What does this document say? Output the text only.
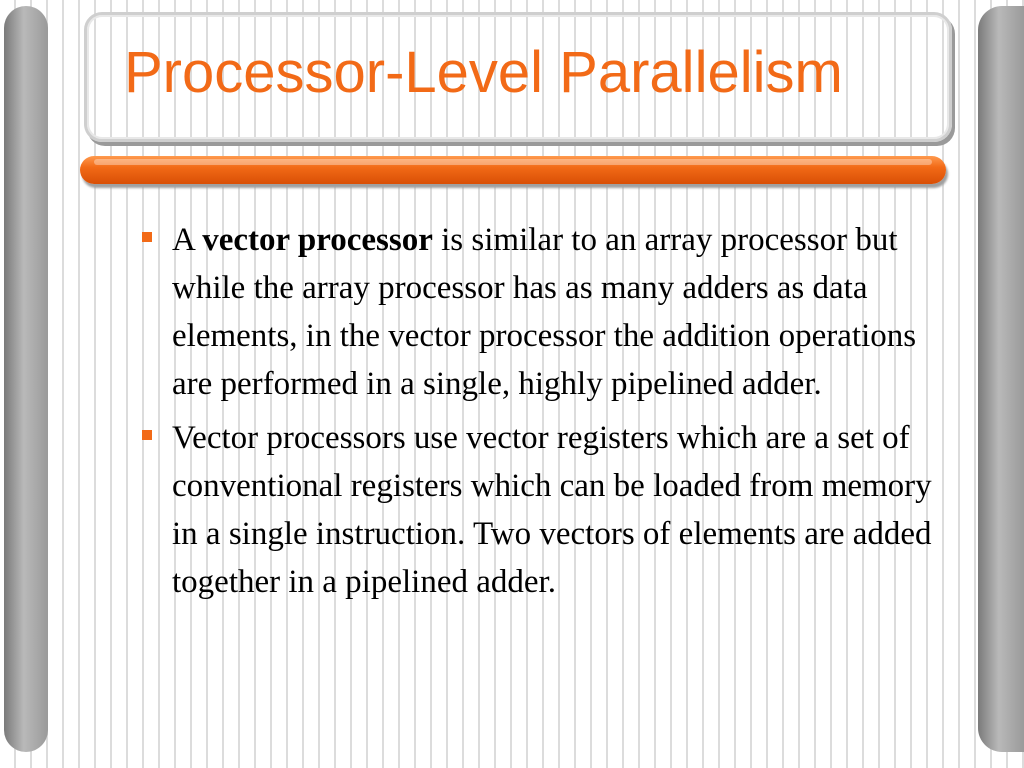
Processor-Level Parallelism
A vector processor is similar to an array processor but while the array processor has as many adders as data elements, in the vector processor the addition operations are performed in a single, highly pipelined adder.
Vector processors use vector registers which are a set of conventional registers which can be loaded from memory in a single instruction. Two vectors of elements are added together in a pipelined adder.
